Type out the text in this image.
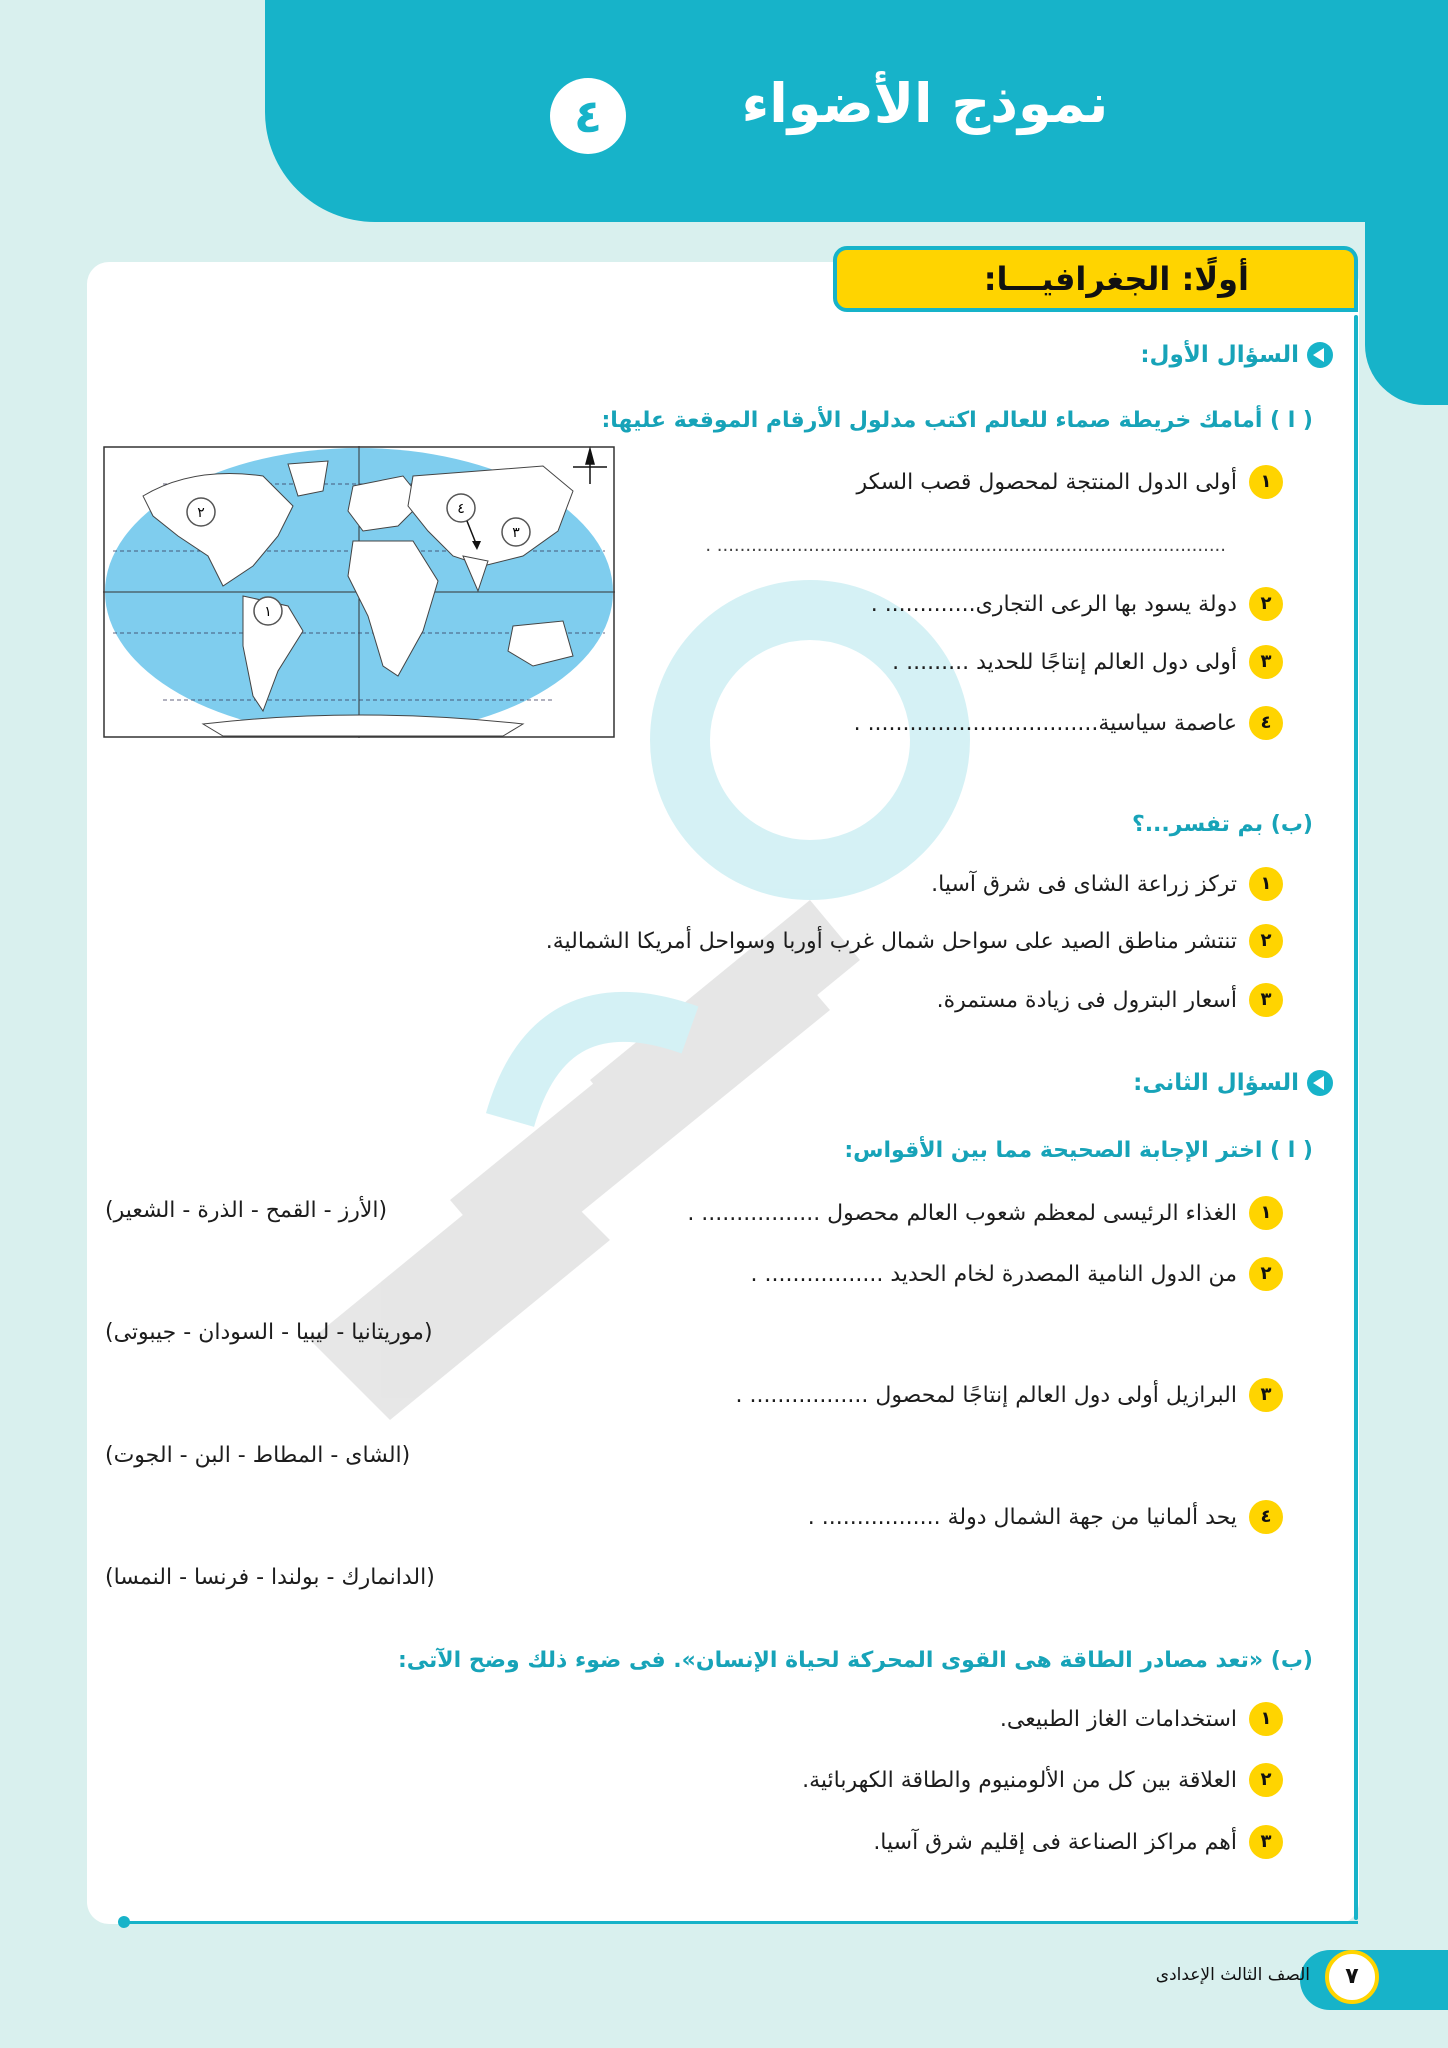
نموذج الأضواء
٤
أولًا: الجغرافيـــا:
السؤال الأول:
( ا ) أمامك خريطة صماء للعالم اكتب مدلول الأرقام الموقعة عليها:
١
٢
٣
٤
١
أولى الدول المنتجة لمحصول قصب السكر
......................................................................................... .
٢
دولة يسود بها الرعى التجارى............. .
٣
أولى دول العالم إنتاجًا للحديد ......... .
٤
عاصمة سياسية................................. .
(ب) بم تفسر...؟
١
تركز زراعة الشاى فى شرق آسيا.
٢
تنتشر مناطق الصيد على سواحل شمال غرب أوربا وسواحل أمريكا الشمالية.
٣
أسعار البترول فى زيادة مستمرة.
السؤال الثانى:
( ا ) اختر الإجابة الصحيحة مما بين الأقواس:
١
الغذاء الرئيسى لمعظم شعوب العالم محصول ................. .
(الأرز - القمح - الذرة - الشعير)
٢
من الدول النامية المصدرة لخام الحديد ................. .
(موريتانيا - ليبيا - السودان - جيبوتى)
٣
البرازيل أولى دول العالم إنتاجًا لمحصول ................. .
(الشاى - المطاط - البن - الجوت)
٤
يحد ألمانيا من جهة الشمال دولة ................. .
(الدانمارك - بولندا - فرنسا - النمسا)
(ب) «تعد مصادر الطاقة هى القوى المحركة لحياة الإنسان». فى ضوء ذلك وضح الآتى:
١
استخدامات الغاز الطبيعى.
٢
العلاقة بين كل من الألومنيوم والطاقة الكهربائية.
٣
أهم مراكز الصناعة فى إقليم شرق آسيا.
٧
الصف الثالث الإعدادى
